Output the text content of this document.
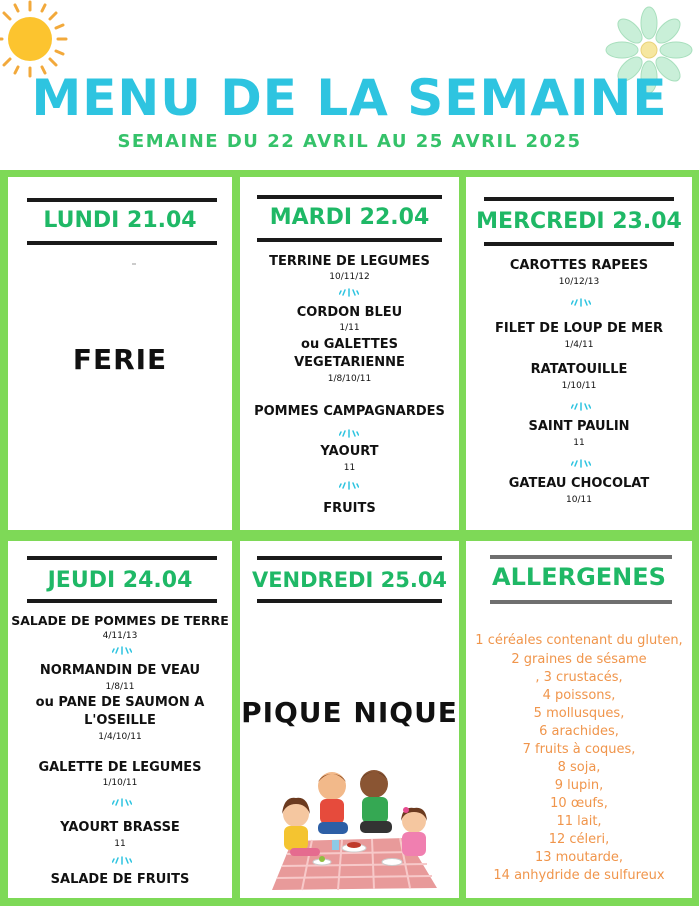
MENU DE LA SEMAINE
SEMAINE DU 22 AVRIL AU 25 AVRIL 2025
LUNDI 21.04
FERIE
MARDI 22.04
TERRINE DE LEGUMES
10/11/12
CORDON BLEU
1/11
ou GALETTES
VEGETARIENNE
1/8/10/11
POMMES CAMPAGNARDES
YAOURT
11
FRUITS
MERCREDI 23.04
CAROTTES RAPEES
10/12/13
FILET DE LOUP DE MER
1/4/11
RATATOUILLE
1/10/11
SAINT PAULIN
11
GATEAU CHOCOLAT
10/11
JEUDI 24.04
SALADE DE POMMES DE TERRE
4/11/13
NORMANDIN DE VEAU
1/8/11
ou PANE DE SAUMON A
L'OSEILLE
1/4/10/11
GALETTE DE LEGUMES
1/10/11
YAOURT BRASSE
11
SALADE DE FRUITS
VENDREDI 25.04
PIQUE NIQUE
ALLERGENES
1 céréales contenant du gluten,
2 graines de sésame
, 3 crustacés,
4 poissons,
5 mollusques,
6 arachides,
7 fruits à coques,
8 soja,
9 lupin,
10 œufs,
11 lait,
12 céleri,
13 moutarde,
14 anhydride de sulfureux
